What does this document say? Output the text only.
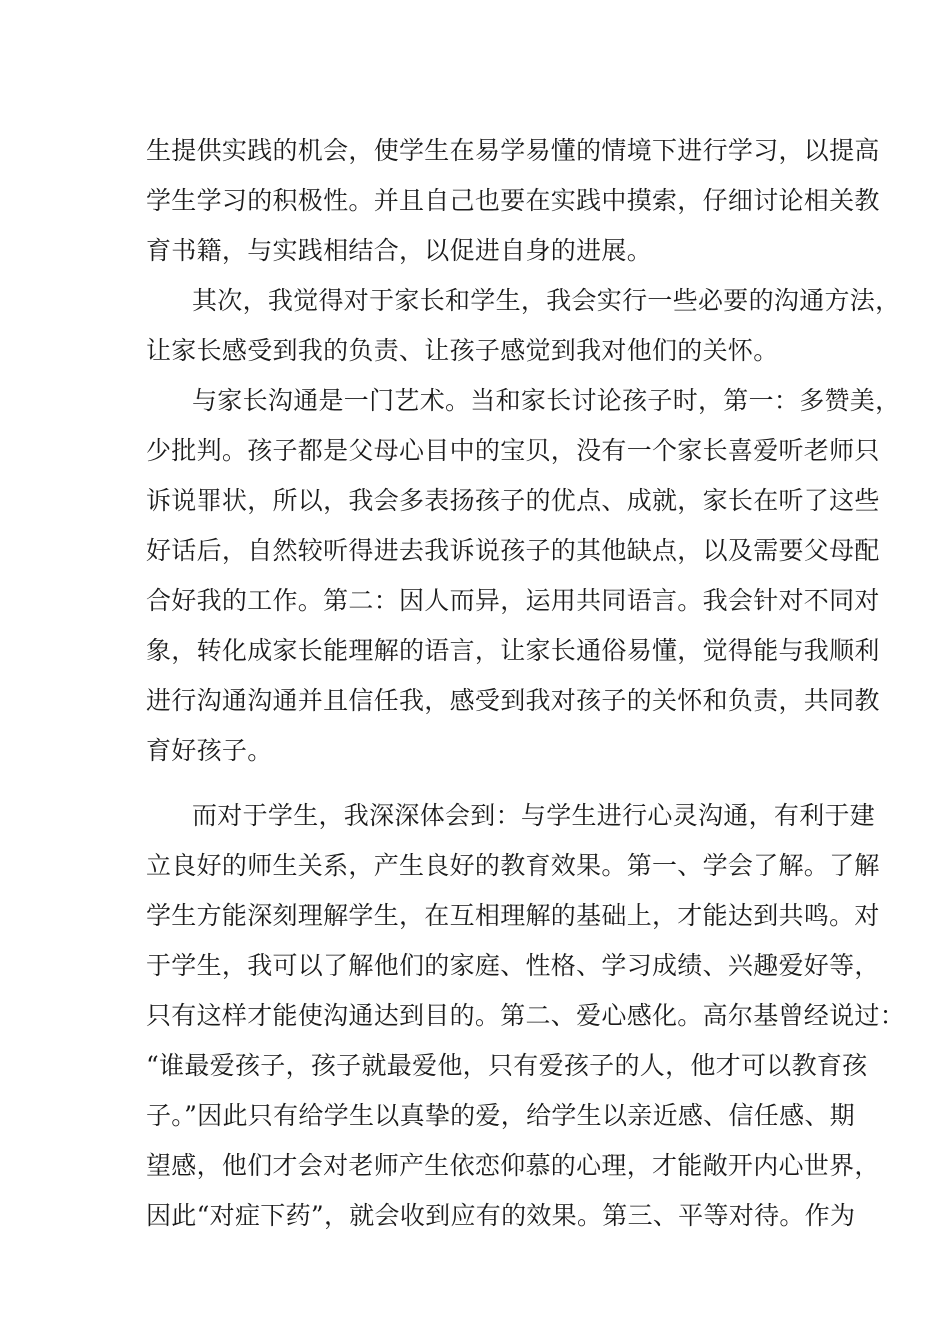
生提供实践的机会，使学生在易学易懂的情境下进行学习，以提高
学生学习的积极性。并且自己也要在实践中摸索，仔细讨论相关教
育书籍，与实践相结合，以促进自身的进展。
其次，我觉得对于家长和学生，我会实行一些必要的沟通方法，
让家长感受到我的负责、让孩子感觉到我对他们的关怀。
与家长沟通是一门艺术。当和家长讨论孩子时，第一：多赞美，
少批判。孩子都是父母心目中的宝贝，没有一个家长喜爱听老师只
诉说罪状，所以，我会多表扬孩子的优点、成就，家长在听了这些
好话后，自然较听得进去我诉说孩子的其他缺点，以及需要父母配
合好我的工作。第二：因人而异，运用共同语言。我会针对不同对
象，转化成家长能理解的语言，让家长通俗易懂，觉得能与我顺利
进行沟通沟通并且信任我，感受到我对孩子的关怀和负责，共同教
育好孩子。
而对于学生，我深深体会到：与学生进行心灵沟通，有利于建
立良好的师生关系，产生良好的教育效果。第一、学会了解。了解
学生方能深刻理解学生，在互相理解的基础上，才能达到共鸣。对
于学生，我可以了解他们的家庭、性格、学习成绩、兴趣爱好等，
只有这样才能使沟通达到目的。第二、爱心感化。高尔基曾经说过：
“谁最爱孩子，孩子就最爱他，只有爱孩子的人，他才可以教育孩
子。”因此只有给学生以真挚的爱，给学生以亲近感、信任感、期
望感，他们才会对老师产生依恋仰慕的心理，才能敞开内心世界，
因此“对症下药”，就会收到应有的效果。第三、平等对待。作为
